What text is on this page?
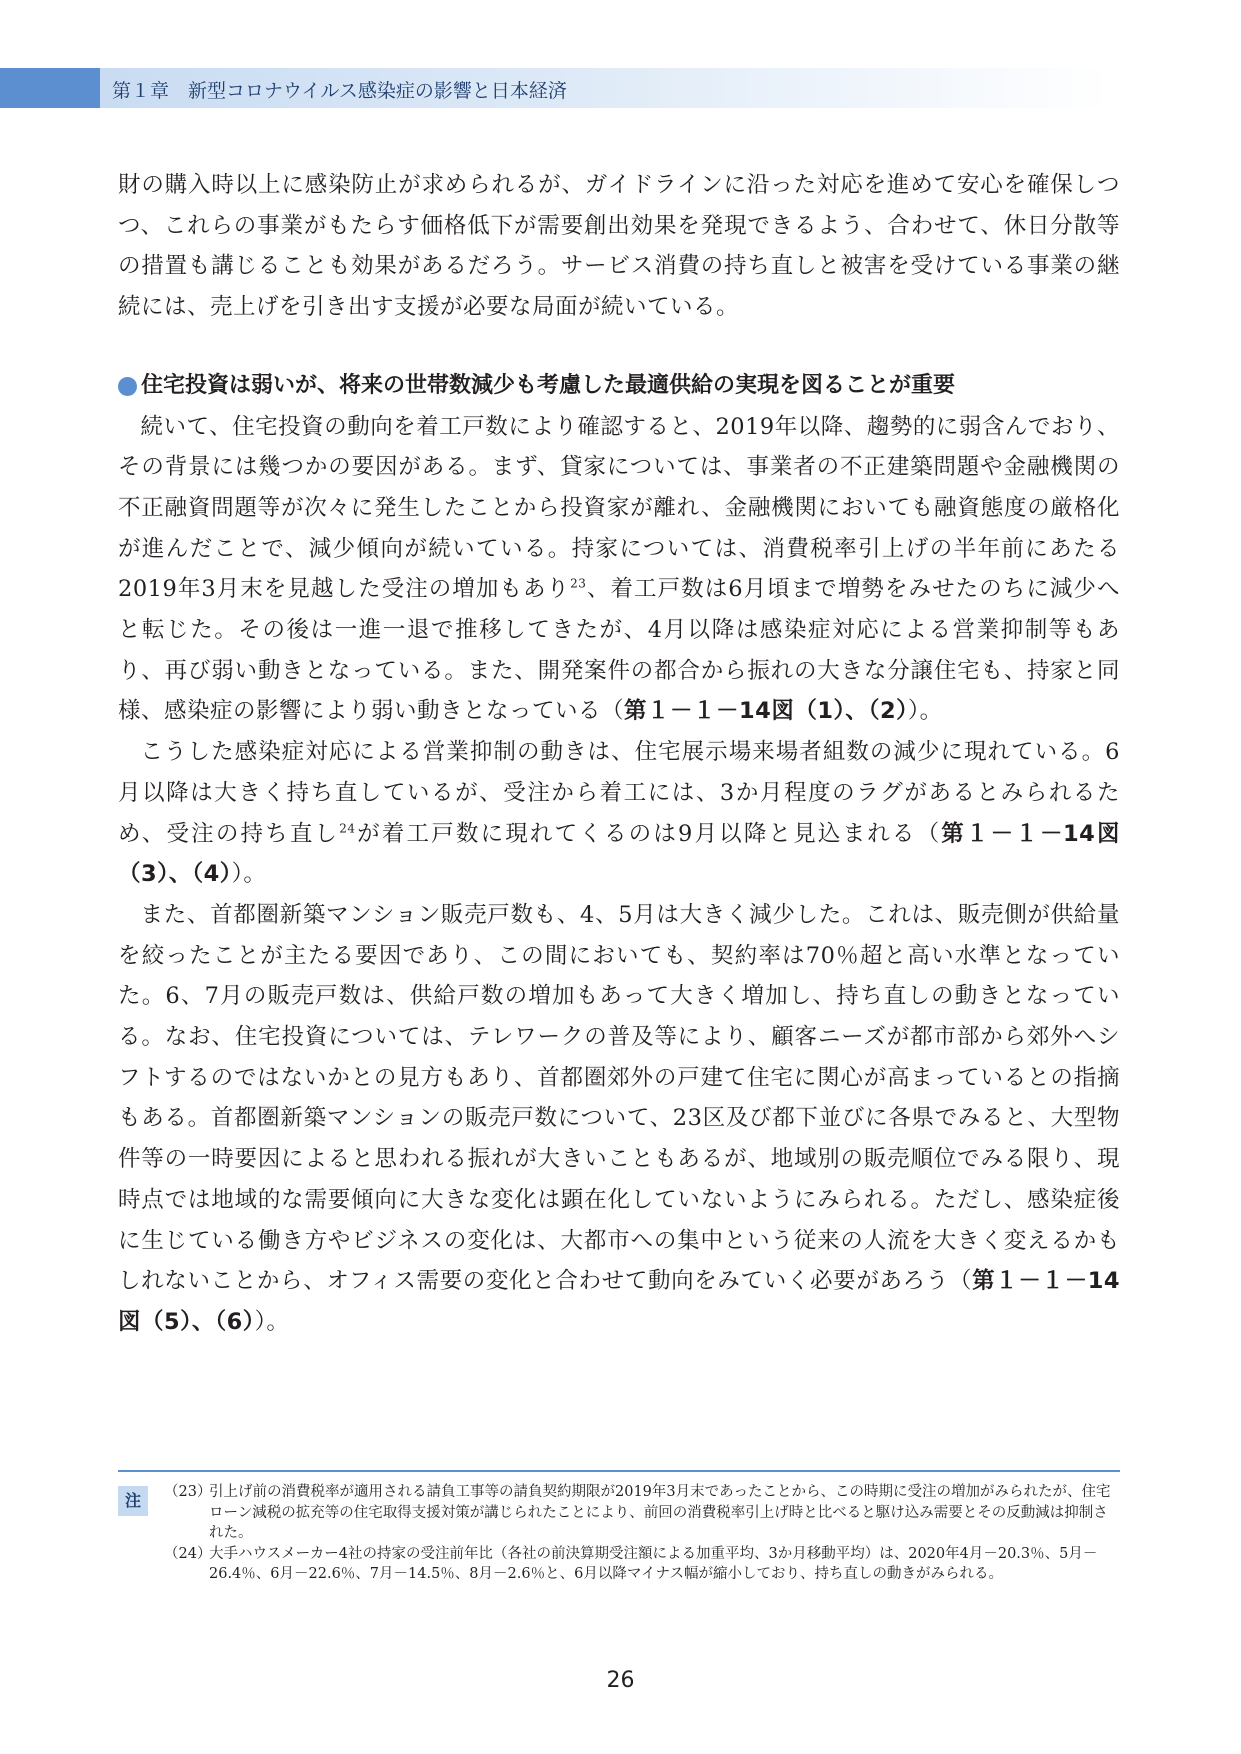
第１章　新型コロナウイルス感染症の影響と日本経済

財の購入時以上に感染防止が求められるが、ガイドラインに沿った対応を進めて安心を確保しつつ、これらの事業がもたらす価格低下が需要創出効果を発現できるよう、合わせて、休日分散等の措置も講じることも効果があるだろう。サービス消費の持ち直しと被害を受けている事業の継続には、売上げを引き出す支援が必要な局面が続いている。

住宅投資は弱いが、将来の世帯数減少も考慮した最適供給の実現を図ることが重要

続いて、住宅投資の動向を着工戸数により確認すると、2019年以降、趨勢的に弱含んでおり、その背景には幾つかの要因がある。まず、貸家については、事業者の不正建築問題や金融機関の不正融資問題等が次々に発生したことから投資家が離れ、金融機関においても融資態度の厳格化が進んだことで、減少傾向が続いている。持家については、消費税率引上げの半年前にあたる2019年3月末を見越した受注の増加もあり$^{23}$、着工戸数は6月頃まで増勢をみせたのちに減少へと転じた。その後は一進一退で推移してきたが、4月以降は感染症対応による営業抑制等もあり、再び弱い動きとなっている。また、開発案件の都合から振れの大きな分譲住宅も、持家と同様、感染症の影響により弱い動きとなっている（第１－１－14図（1）、（2））。

こうした感染症対応による営業抑制の動きは、住宅展示場来場者組数の減少に現れている。6月以降は大きく持ち直しているが、受注から着工には、3か月程度のラグがあるとみられるため、受注の持ち直し$^{24}$が着工戸数に現れてくるのは9月以降と見込まれる（第１－１－14図（3）、（4））。

また、首都圏新築マンション販売戸数も、4、5月は大きく減少した。これは、販売側が供給量を絞ったことが主たる要因であり、この間においても、契約率は70％超と高い水準となっていた。6、7月の販売戸数は、供給戸数の増加もあって大きく増加し、持ち直しの動きとなっている。なお、住宅投資については、テレワークの普及等により、顧客ニーズが都市部から郊外へシフトするのではないかとの見方もあり、首都圏郊外の戸建て住宅に関心が高まっているとの指摘もある。首都圏新築マンションの販売戸数について、23区及び都下並びに各県でみると、大型物件等の一時要因によると思われる振れが大きいこともあるが、地域別の販売順位でみる限り、現時点では地域的な需要傾向に大きな変化は顕在化していないようにみられる。ただし、感染症後に生じている働き方やビジネスの変化は、大都市への集中という従来の人流を大きく変えるかもしれないことから、オフィス需要の変化と合わせて動向をみていく必要があろう（第１－１－14図（5）、（6））。

注	（23）
引上げ前の消費税率が適用される請負工事等の請負契約期限が2019年3月末であったことから、この時期に受注の増加がみられたが、住宅ローン減税の拡充等の住宅取得支援対策が講じられたことにより、前回の消費税率引上げ時と比べると駆け込み需要とその反動減は抑制された。
（24）
大手ハウスメーカー4社の持家の受注前年比（各社の前決算期受注額による加重平均、3か月移動平均）は、2020年4月－20.3％、5月－26.4％、6月－22.6％、7月－14.5％、8月－2.6％と、6月以降マイナス幅が縮小しており、持ち直しの動きがみられる。
26
